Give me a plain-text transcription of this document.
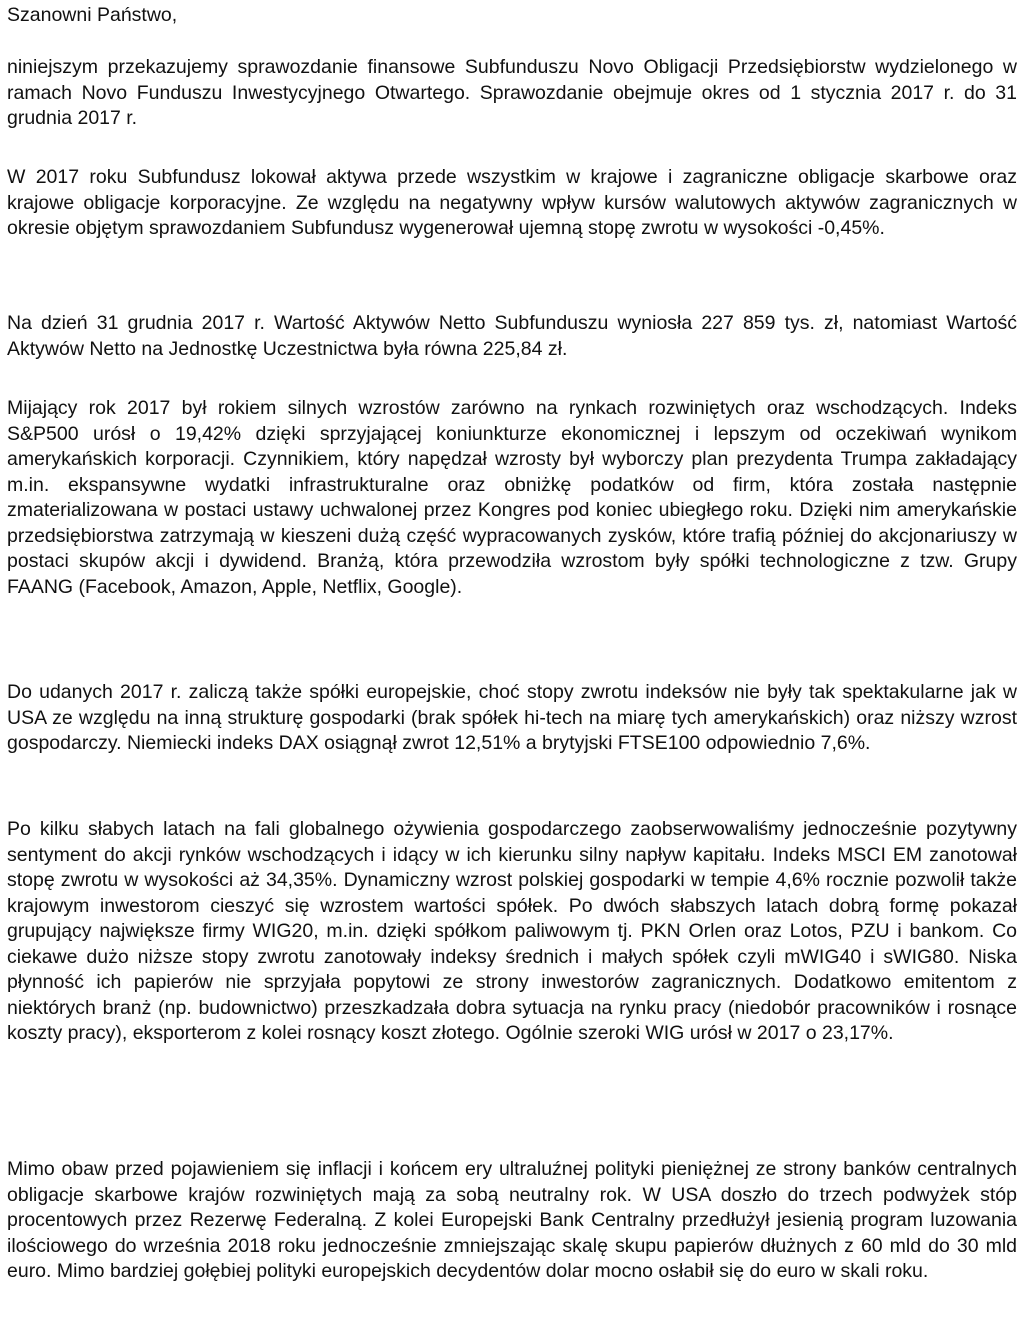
Szanowni Państwo,

niniejszym przekazujemy sprawozdanie finansowe Subfunduszu Novo Obligacji Przedsiębiorstw wydzielonego w ramach Novo Funduszu Inwestycyjnego Otwartego. Sprawozdanie obejmuje okres od 1 stycznia 2017 r. do 31 grudnia 2017 r.

W 2017 roku Subfundusz lokował aktywa przede wszystkim w krajowe i zagraniczne obligacje skarbowe oraz krajowe obligacje korporacyjne. Ze względu na negatywny wpływ kursów walutowych aktywów zagranicznych w okresie objętym sprawozdaniem Subfundusz wygenerował ujemną stopę zwrotu w wysokości -0,45%.

Na dzień 31 grudnia 2017 r. Wartość Aktywów Netto Subfunduszu wyniosła 227 859 tys. zł, natomiast Wartość Aktywów Netto na Jednostkę Uczestnictwa była równa 225,84 zł.

Mijający rok 2017 był rokiem silnych wzrostów zarówno na rynkach rozwiniętych oraz wschodzących. Indeks S&P500 urósł o 19,42% dzięki sprzyjającej koniunkturze ekonomicznej i lepszym od oczekiwań wynikom amerykańskich korporacji. Czynnikiem, który napędzał wzrosty był wyborczy plan prezydenta Trumpa zakładający m.in. ekspansywne wydatki infrastrukturalne oraz obniżkę podatków od firm, która została następnie zmaterializowana w postaci ustawy uchwalonej przez Kongres pod koniec ubiegłego roku. Dzięki nim amerykańskie przedsiębiorstwa zatrzymają w kieszeni dużą część wypracowanych zysków, które trafią później do akcjonariuszy w postaci skupów akcji i dywidend. Branżą, która przewodziła wzrostom były spółki technologiczne z tzw. Grupy FAANG (Facebook, Amazon, Apple, Netflix, Google).

Do udanych 2017 r. zaliczą także spółki europejskie, choć stopy zwrotu indeksów nie były tak spektakularne jak w USA ze względu na inną strukturę gospodarki (brak spółek hi-tech na miarę tych amerykańskich) oraz niższy wzrost gospodarczy. Niemiecki indeks DAX osiągnął zwrot 12,51% a brytyjski FTSE100 odpowiednio 7,6%.

Po kilku słabych latach na fali globalnego ożywienia gospodarczego zaobserwowaliśmy jednocześnie pozytywny sentyment do akcji rynków wschodzących i idący w ich kierunku silny napływ kapitału. Indeks MSCI EM zanotował stopę zwrotu w wysokości aż 34,35%. Dynamiczny wzrost polskiej gospodarki w tempie 4,6% rocznie pozwolił także krajowym inwestorom cieszyć się wzrostem wartości spółek. Po dwóch słabszych latach dobrą formę pokazał grupujący największe firmy WIG20, m.in. dzięki spółkom paliwowym tj. PKN Orlen oraz Lotos, PZU i bankom. Co ciekawe dużo niższe stopy zwrotu zanotowały indeksy średnich i małych spółek czyli mWIG40 i sWIG80. Niska płynność ich papierów nie sprzyjała popytowi ze strony inwestorów zagranicznych. Dodatkowo emitentom z niektórych branż (np. budownictwo) przeszkadzała dobra sytuacja na rynku pracy (niedobór pracowników i rosnące koszty pracy), eksporterom z kolei rosnący koszt złotego. Ogólnie szeroki WIG urósł w 2017 o 23,17%.

Mimo obaw przed pojawieniem się inflacji i końcem ery ultraluźnej polityki pieniężnej ze strony banków centralnych obligacje skarbowe krajów rozwiniętych mają za sobą neutralny rok. W USA doszło do trzech podwyżek stóp procentowych przez Rezerwę Federalną. Z kolei Europejski Bank Centralny przedłużył jesienią program luzowania ilościowego do września 2018 roku jednocześnie zmniejszając skalę skupu papierów dłużnych z 60 mld do 30 mld euro. Mimo bardziej gołębiej polityki europejskich decydentów dolar mocno osłabił się do euro w skali roku.
